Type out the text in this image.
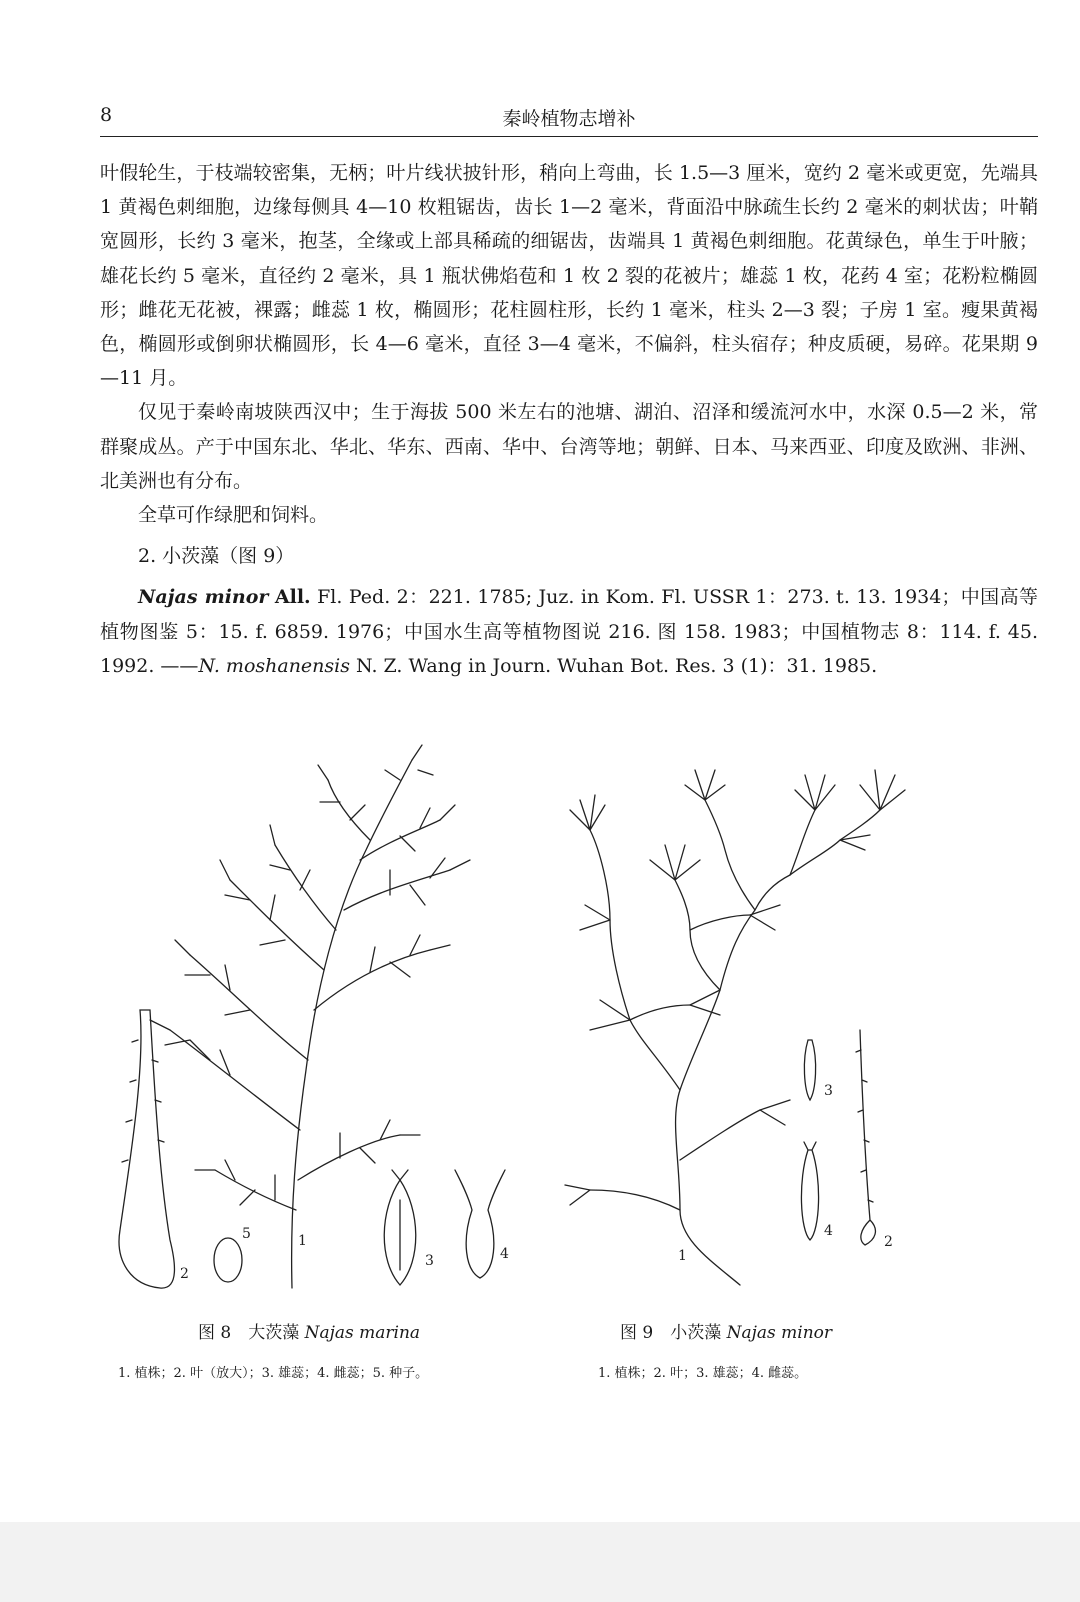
8	秦岭植物志增补

叶假轮生，于枝端较密集，无柄；叶片线状披针形，稍向上弯曲，长 1.5—3 厘米，宽约 2 毫米或更宽，先端具 1 黄褐色刺细胞，边缘每侧具 4—10 枚粗锯齿，齿长 1—2 毫米，背面沿中脉疏生长约 2 毫米的刺状齿；叶鞘宽圆形，长约 3 毫米，抱茎，全缘或上部具稀疏的细锯齿，齿端具 1 黄褐色刺细胞。花黄绿色，单生于叶腋；雄花长约 5 毫米，直径约 2 毫米，具 1 瓶状佛焰苞和 1 枚 2 裂的花被片；雄蕊 1 枚，花药 4 室；花粉粒椭圆形；雌花无花被，裸露；雌蕊 1 枚，椭圆形；花柱圆柱形，长约 1 毫米，柱头 2—3 裂；子房 1 室。瘦果黄褐色，椭圆形或倒卵状椭圆形，长 4—6 毫米，直径 3—4 毫米，不偏斜，柱头宿存；种皮质硬，易碎。花果期 9—11 月。

仅见于秦岭南坡陕西汉中；生于海拔 500 米左右的池塘、湖泊、沼泽和缓流河水中，水深 0.5—2 米，常群聚成丛。产于中国东北、华北、华东、西南、华中、台湾等地；朝鲜、日本、马来西亚、印度及欧洲、非洲、北美洲也有分布。

全草可作绿肥和饲料。

2. 小茨藻（图 9）

Najas minor All. Fl. Ped. 2：221. 1785; Juz. in Kom. Fl. USSR 1：273. t. 13. 1934；中国高等植物图鉴 5：15. f. 6859. 1976；中国水生高等植物图说 216. 图 158. 1983；中国植物志 8：114. f. 45. 1992. ——N. moshanensis N. Z. Wang in Journ. Wuhan Bot. Res. 3 (1)：31. 1985.

1
2
3	4
5
1
2
3
4
图 8　大茨藻 Najas marina	图 9　小茨藻 Najas minor
1. 植株；2. 叶（放大）；3. 雄蕊；4. 雌蕊；5. 种子。	1. 植株；2. 叶；3. 雄蕊；4. 雌蕊。
